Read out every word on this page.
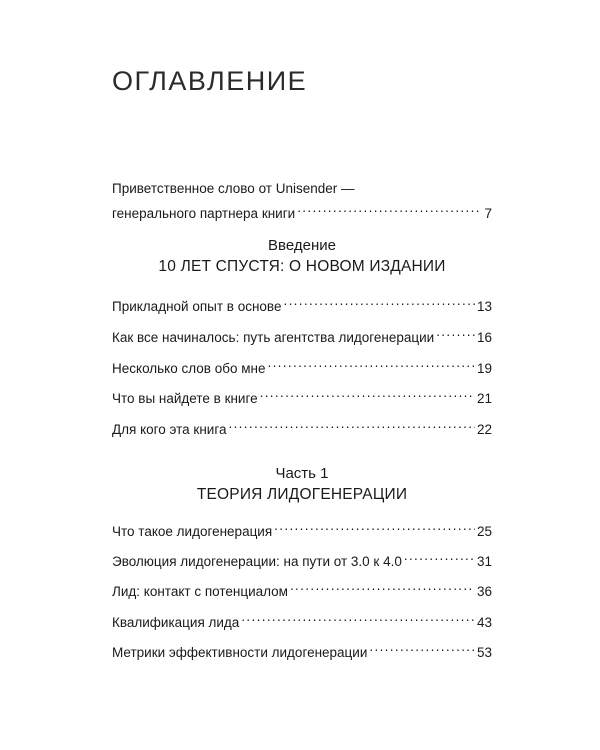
ОГЛАВЛЕНИЕ
Приветственное слово от Unisender —
генерального партнера книги . . .	7
Введение
10 ЛЕТ СПУСТЯ: О НОВОМ ИЗДАНИИ
Прикладной опыт в основе . . .	13
Как все начиналось: путь агентства лидогенерации . . .	16
Несколько слов обо мне . . .	19
Что вы найдете в книге . . .	21
Для кого эта книга . . .	22
Часть 1
ТЕОРИЯ ЛИДОГЕНЕРАЦИИ
Что такое лидогенерация . . .	25
Эволюция лидогенерации: на пути от 3.0 к 4.0 . . .	31
Лид: контакт с потенциалом . . .	36
Квалификация лида . . .	43
Метрики эффективности лидогенерации . . .	53
